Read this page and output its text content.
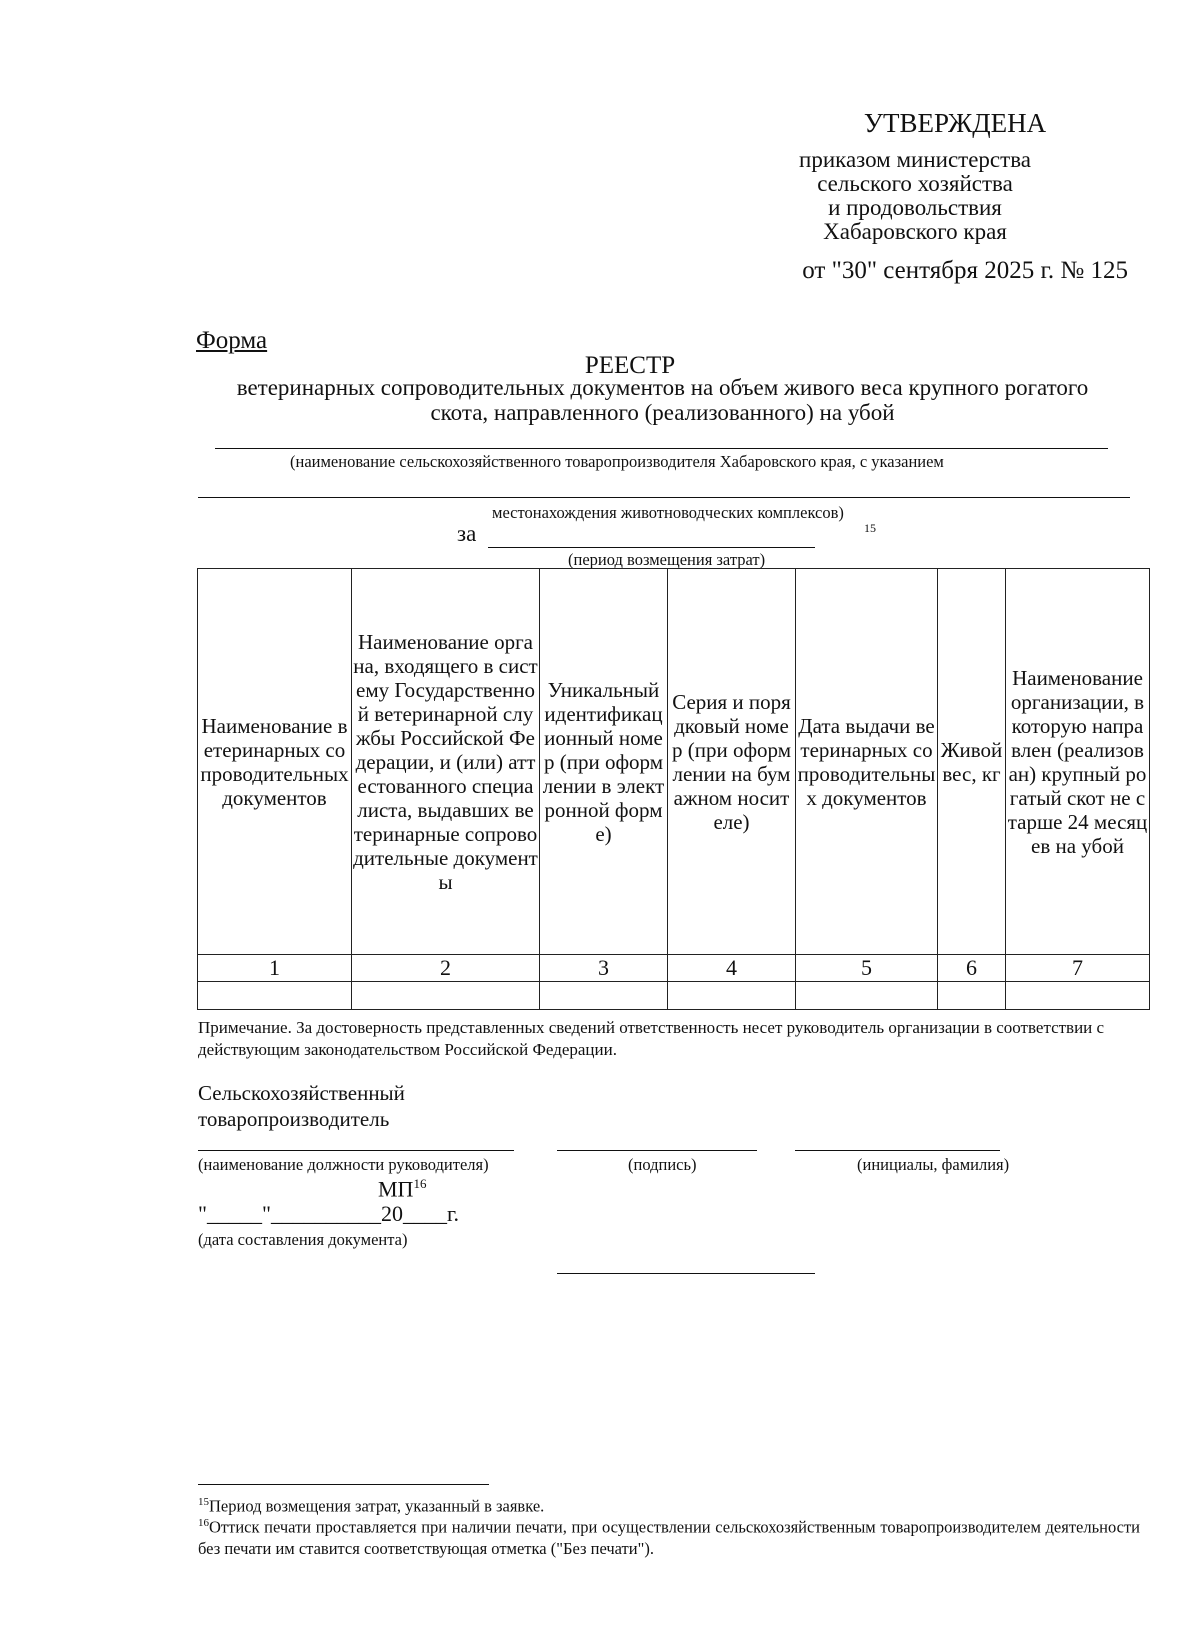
УТВЕРЖДЕНА
приказом министерства
сельского хозяйства
и продовольствия
Хабаровского края
от "30" сентября 2025 г. № 125
Форма
РЕЕСТР
ветеринарных сопроводительных документов на объем живого веса крупного рогатого скота, направленного (реализованного) на убой
(наименование сельскохозяйственного товаропроизводителя Хабаровского края, с указанием
местонахождения животноводческих комплексов)
за	15
(период возмещения затрат)
Наименование ветеринарных сопроводительных документов	Наименование органа, входящего в систему Государственной ветеринарной службы Российской Федерации, и (или) аттестованного специалиста, выдавших ветеринарные сопроводительные документы	Уникальный идентификационный номер (при оформлении в электронной форме)	Серия и порядковый номер (при оформлении на бумажном носителе)	Дата выдачи ветеринарных сопроводительных документов	Живой вес, кг	Наименование организации, в которую направлен (реализован) крупный рогатый скот не старше 24 месяцев на убой
1	2	3	4	5	6	7

Примечание. За достоверность представленных сведений ответственность несет руководитель организации в соответствии с действующим законодательством Российской Федерации.
Сельскохозяйственный
товаропроизводитель
(наименование должности руководителя)	(подпись)	(инициалы, фамилия)
МП$^{16}$
"_____"__________20____г.
(дата составления документа)
$^{15}$Период возмещения затрат, указанный в заявке.
$^{16}$Оттиск печати проставляется при наличии печати, при осуществлении сельскохозяйственным товаропроизводителем деятельности без печати им ставится соответствующая отметка ("Без печати").
